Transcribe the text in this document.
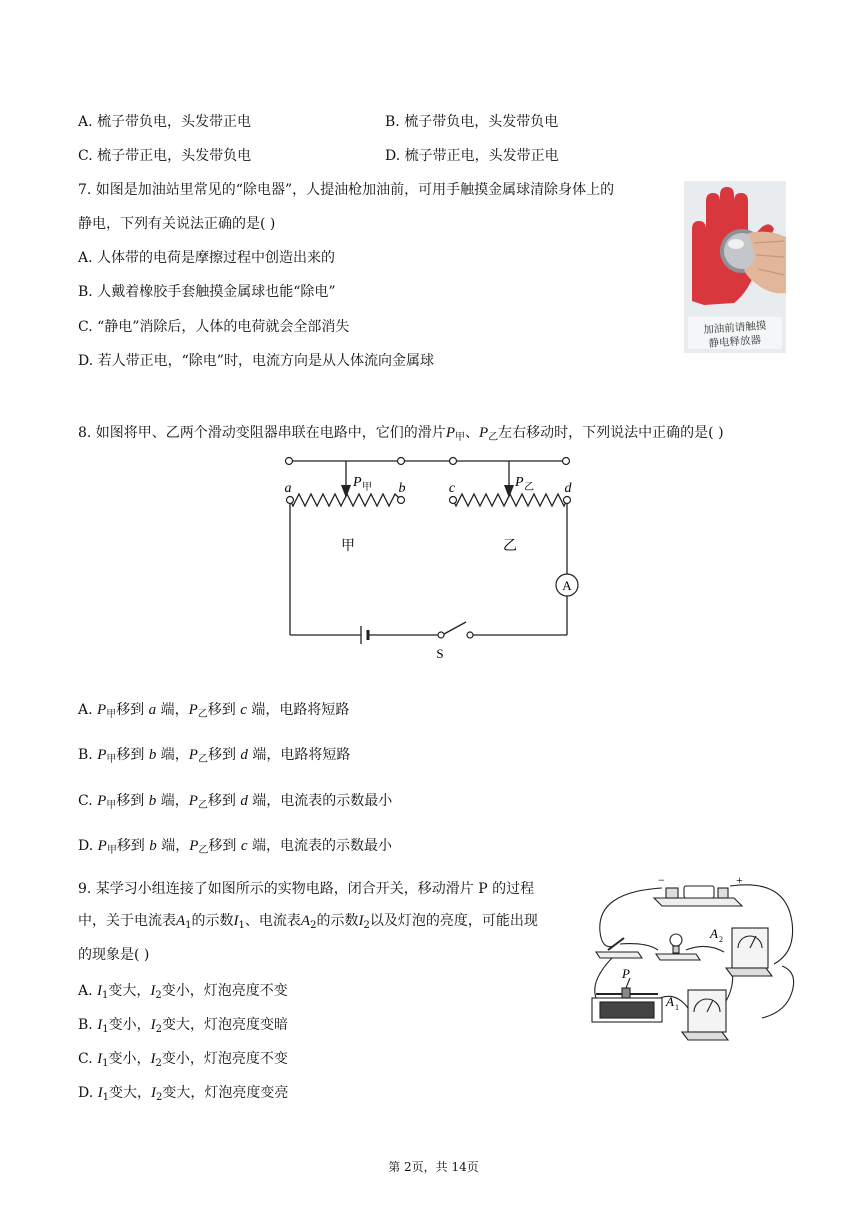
A. 梳子带负电，头发带正电	B. 梳子带负电，头发带负电
C. 梳子带正电，头发带负电	D. 梳子带正电，头发带正电
7. 如图是加油站里常见的“除电器”，人提油枪加油前，可用手触摸金属球清除身体上的
静电，下列有关说法正确的是( )
A. 人体带的电荷是摩擦过程中创造出来的
B. 人戴着橡胶手套触摸金属球也能“除电”
C. “静电”消除后，人体的电荷就会全部消失
D. 若人带正电，“除电”时，电流方向是从人体流向金属球
加油前请触摸
静电释放器
8. 如图将甲、乙两个滑动变阻器串联在电路中，它们的滑片$P_甲$、$P_乙$左右移动时，下列说法中正确的是( )
a	b	c	d
P 甲	P 乙
甲	乙
A
S
A. $P_甲$移到 a 端，$P_乙$移到 c 端，电路将短路
B. $P_甲$移到 b 端，$P_乙$移到 d 端，电路将短路
C. $P_甲$移到 b 端，$P_乙$移到 d 端，电流表的示数最小
D. $P_甲$移到 b 端，$P_乙$移到 c 端，电流表的示数最小
9. 某学习小组连接了如图所示的实物电路，闭合开关，移动滑片 P 的过程
中，关于电流表$A_1$的示数$I_1$、电流表$A_2$的示数$I_2$以及灯泡的亮度，可能出现
的现象是( )
A. $I_1$变大，$I_2$变小，灯泡亮度不变
B. $I_1$变小，$I_2$变大，灯泡亮度变暗
C. $I_1$变小，$I_2$变小，灯泡亮度不变
D. $I_1$变大，$I_2$变大，灯泡亮度变亮
−	+
P
A 2
A 1
第 2页，共 14页
